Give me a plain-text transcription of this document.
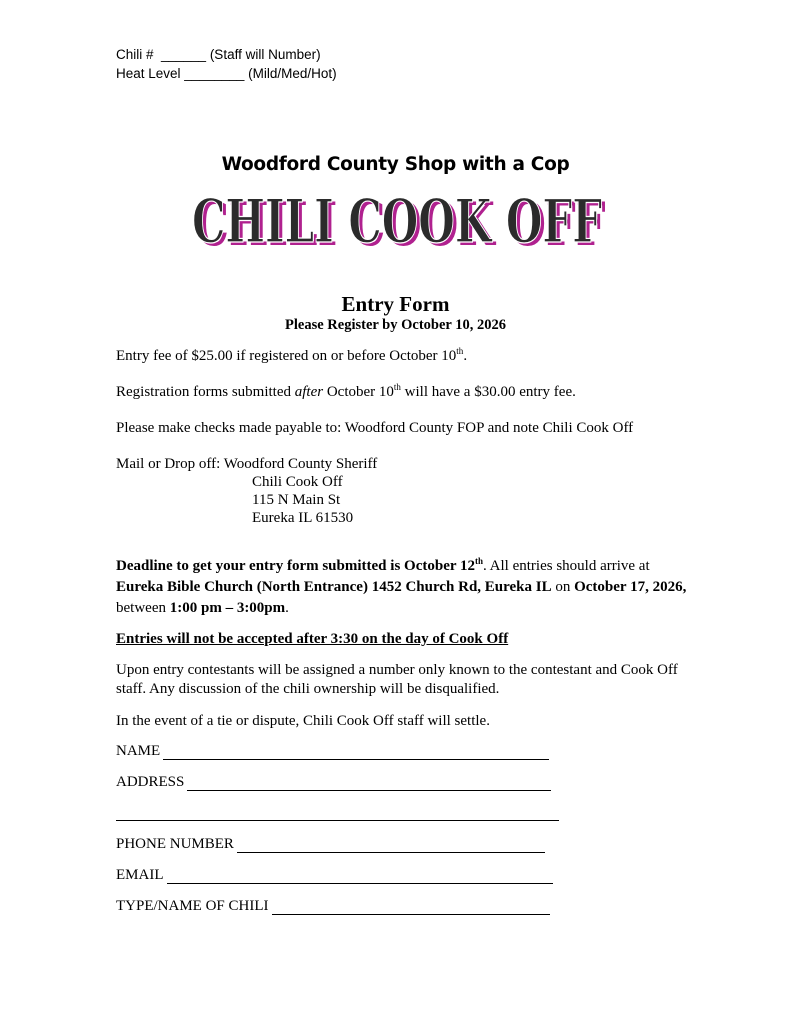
Chili #  ______ (Staff will Number)
Heat Level ________ (Mild/Med/Hot)
Woodford County Shop with a Cop
CHILI COOK OFF
CHILI COOK OFF
Entry Form
Please Register by October 10, 2026
Entry fee of $25.00 if registered on or before October 10th.
Registration forms submitted after October 10th will have a $30.00 entry fee.
Please make checks made payable to: Woodford County FOP and note Chili Cook Off
Mail or Drop off: Woodford County Sheriff
Chili Cook Off
115 N Main St
Eureka IL 61530
Deadline to get your entry form submitted is October 12th. All entries should arrive at Eureka Bible Church (North Entrance) 1452 Church Rd, Eureka IL on October 17, 2026, between 1:00 pm – 3:00pm.
Entries will not be accepted after 3:30 on the day of Cook Off
Upon entry contestants will be assigned a number only known to the contestant and Cook Off staff. Any discussion of the chili ownership will be disqualified.
In the event of a tie or dispute, Chili Cook Off staff will settle.
NAME
ADDRESS
PHONE NUMBER
EMAIL
TYPE/NAME OF CHILI
